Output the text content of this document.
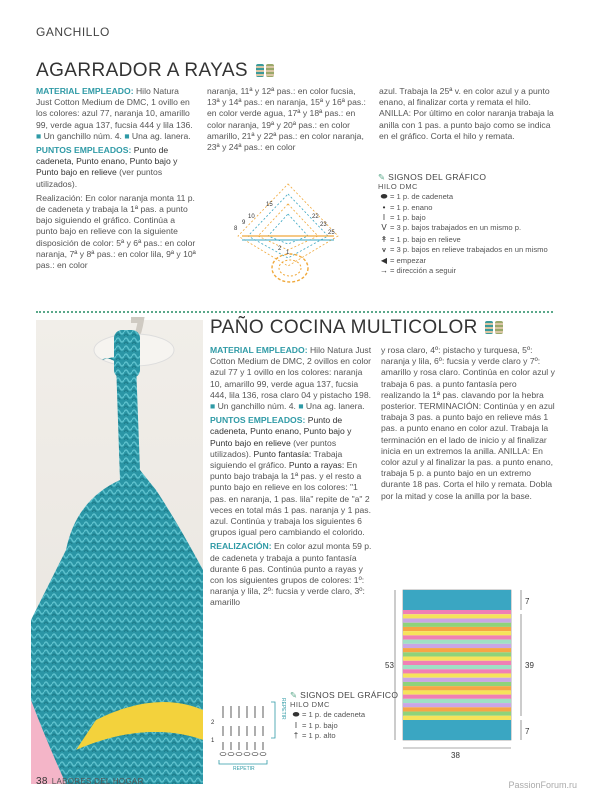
GANCHILLO
AGARRADOR A RAYAS

MATERIAL EMPLEADO: Hilo Natura Just Cotton Medium de DMC, 1 ovillo en los colores: azul 77, naranja 10, amarillo 99, verde agua 137, fucsia 444 y lila 136. ■ Un ganchillo núm. 4. ■ Una ag. lanera.

PUNTOS EMPLEADOS: Punto de cadeneta, Punto enano, Punto bajo y Punto bajo en relieve (ver puntos utilizados).

Realización: En color naranja monta 11 p. de cadeneta y trabaja la 1ª pas. a punto bajo siguiendo el gráfico. Continúa a punto bajo en relieve con la siguiente disposición de color: 5ª y 6ª pas.: en color naranja, 7ª y 8ª pas.: en color lila, 9ª y 10ª pas.: en color

naranja, 11ª y 12ª pas.: en color fucsia, 13ª y 14ª pas.: en naranja, 15ª y 16ª pas.: en color verde agua, 17ª y 18ª pas.: en color naranja, 19ª y 20ª pas.: en color amarillo, 21ª y 22ª pas.: en color naranja, 23ª y 24ª pas.: en color
azul. Trabaja la 25ª v. en color azul y a punto enano, al finalizar corta y remata el hilo. ANILLA: Por último en color naranja trabaja la anilla con 1 pas. a punto bajo como se indica en el gráfico. Corta el hilo y remata.
8
9
10
15
22
23
25
1
2
✎ SIGNOS DEL GRÁFICO
HILO DMC
⬬ = 1 p. de cadeneta
• = 1 p. enano
I = 1 p. bajo
V = 3 p. bajos trabajados en un mismo p.
↟ = 1 p. bajo en relieve
⩛ = 3 p. bajos en relieve trabajados en un mismo
◀ = empezar
→ = dirección a seguir
PAÑO COCINA MULTICOLOR

MATERIAL EMPLEADO: Hilo Natura Just Cotton Medium de DMC, 2 ovillos en color azul 77 y 1 ovillo en los colores: naranja 10, amarillo 99, verde agua 137, fucsia 444, lila 136, rosa claro 04 y pistacho 198. ■ Un ganchillo núm. 4. ■ Una ag. lanera.

PUNTOS EMPLEADOS: Punto de cadeneta, Punto enano, Punto bajo y Punto bajo en relieve (ver puntos utilizados). Punto fantasía: Trabaja siguiendo el gráfico. Punto a rayas: En punto bajo trabaja la 1ª pas. y el resto a punto bajo en relieve en los colores: "1 pas. en naranja, 1 pas. lila" repite de "a" 2 veces en total más 1 pas. naranja y 1 pas. azul. Continúa y trabaja los siguientes 6 grupos igual pero cambiando el colorido.

REALIZACIÓN: En color azul monta 59 p. de cadeneta y trabaja a punto fantasía durante 6 pas. Continúa punto a rayas y con los siguientes grupos de colores: 1º: naranja y lila, 2º: fucsia y verde claro, 3º: amarillo

y rosa claro, 4º: pistacho y turquesa, 5º: naranja y lila, 6º: fucsia y verde claro y 7º: amarillo y rosa claro. Continúa en color azul y trabaja 6 pas. a punto fantasía pero realizando la 1ª pas. clavando por la hebra posterior. TERMINACIÓN: Continúa y en azul trabaja 3 pas. a punto bajo en relieve más 1 pas. a punto enano en color azul. Trabaja la terminación en el lado de inicio y al finalizar inicia en un extremos la anilla. ANILLA: En color azul y al finalizar la pas. a punto enano, trabaja 5 p. a punto bajo en un extremo durante 18 pas. Corta el hilo y remata. Dobla por la mitad y cose la anilla por la base.
2
1
REPETIR
REPETIR
✎ SIGNOS DEL GRÁFICO
HILO DMC
⬬ = 1 p. de cadeneta
I = 1 p. bajo
† = 1 p. alto
53
7
39
7
38
38 LABORES DEL HOGAR	PassionForum.ru
